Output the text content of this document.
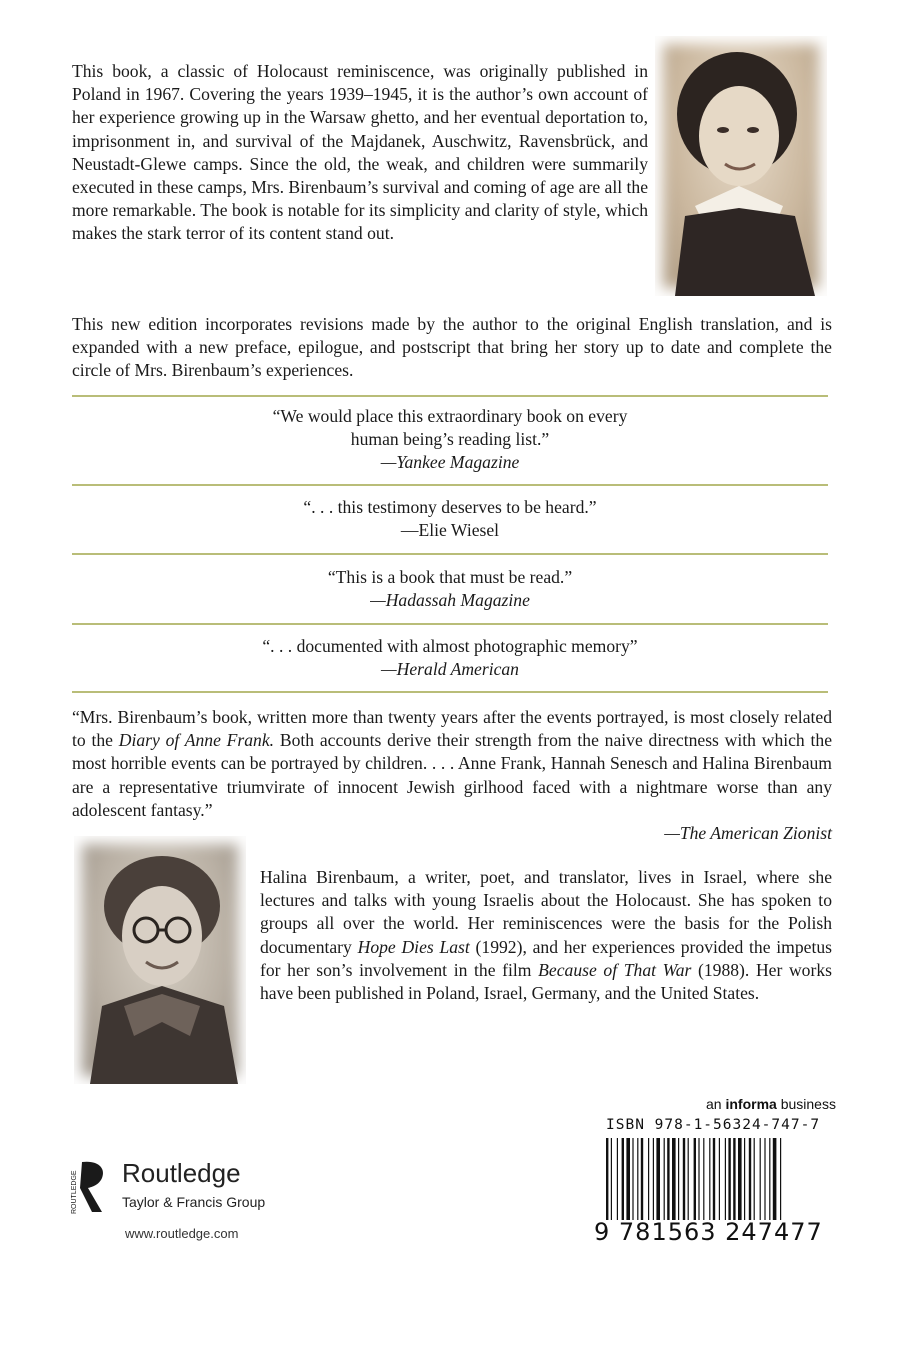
This book, a classic of Holocaust reminiscence, was originally published in Poland in 1967. Covering the years 1939–1945, it is the author’s own account of her experience growing up in the Warsaw ghetto, and her eventual deportation to, imprisonment in, and survival of the Majdanek, Auschwitz, Ravensbrück, and Neustadt-Glewe camps. Since the old, the weak, and children were summarily executed in these camps, Mrs. Birenbaum’s survival and coming of age are all the more remarkable. The book is notable for its simplicity and clarity of style, which makes the stark terror of its content stand out.

This new edition incorporates revisions made by the author to the original English translation, and is expanded with a new preface, epilogue, and postscript that bring her story up to date and complete the circle of Mrs. Birenbaum’s experiences.

“We would place this extraordinary book on every
human being’s reading list.”
—Yankee Magazine
“. . . this testimony deserves to be heard.”
—Elie Wiesel
“This is a book that must be read.”
—Hadassah Magazine
“. . . documented with almost photographic memory”
—Herald American
“Mrs. Birenbaum’s book, written more than twenty years after the events portrayed, is most closely related to the Diary of Anne Frank. Both accounts derive their strength from the naive directness with which the most horrible events can be portrayed by children. . . . Anne Frank, Hannah Senesch and Halina Birenbaum are a representative triumvirate of innocent Jewish girlhood faced with a nightmare worse than any adolescent fantasy.”
—The American Zionist
Halina Birenbaum, a writer, poet, and translator, lives in Israel, where she lectures and talks with young Israelis about the Holocaust. She has spoken to groups all over the world. Her reminiscences were the basis for the Polish documentary Hope Dies Last (1992), and her experiences provided the impetus for her son’s involvement in the film Because of That War (1988). Her works have been published in Poland, Israel, Germany, and the United States.
an informa business
ISBN 978-1-56324-747-7
9 781563 247477
ROUTLEDGE Routledge
Taylor & Francis Group
www.routledge.com
